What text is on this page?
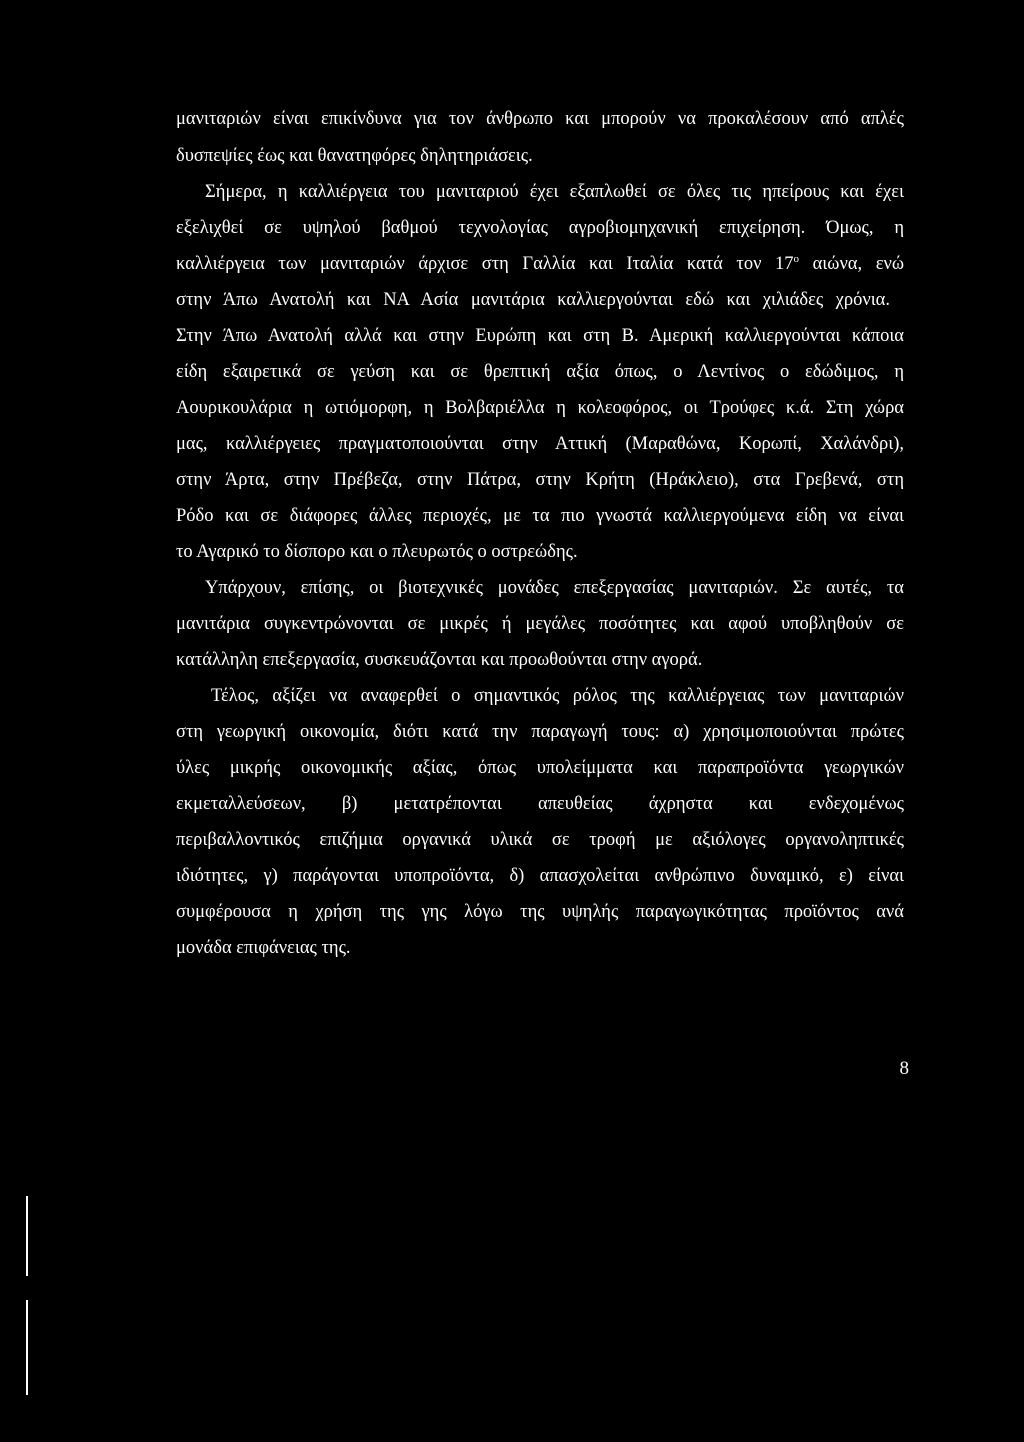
μανιταριών είναι επικίνδυνα για τον άνθρωπο και μπορούν να προκαλέσουν από απλές
δυσπεψίες έως και θανατηφόρες δηλητηριάσεις.
Σήμερα, η καλλιέργεια του μανιταριού έχει εξαπλωθεί σε όλες τις ηπείρους και έχει
εξελιχθεί σε υψηλού βαθμού τεχνολογίας αγροβιομηχανική επιχείρηση. Όμως, η
καλλιέργεια των μανιταριών άρχισε στη Γαλλία και Ιταλία κατά τον $17^o$ αιώνα, ενώ
στην Άπω Ανατολή και ΝΑ Ασία μανιτάρια καλλιεργούνται εδώ και χιλιάδες χρόνια.
Στην Άπω Ανατολή αλλά και στην Ευρώπη και στη Β. Αμερική καλλιεργούνται κάποια
είδη εξαιρετικά σε γεύση και σε θρεπτική αξία όπως, ο Λεντίνος ο εδώδιμος, η
Αουρικουλάρια η ωτιόμορφη, η Βολβαριέλλα η κολεοφόρος, οι Τρούφες κ.ά. Στη χώρα
μας, καλλιέργειες πραγματοποιούνται στην Αττική (Μαραθώνα, Κορωπί, Χαλάνδρι),
στην Άρτα, στην Πρέβεζα, στην Πάτρα, στην Κρήτη (Ηράκλειο), στα Γρεβενά, στη
Ρόδο και σε διάφορες άλλες περιοχές, με τα πιο γνωστά καλλιεργούμενα είδη να είναι
το Αγαρικό το δίσπορο και ο πλευρωτός ο οστρεώδης.
Υπάρχουν, επίσης, οι βιοτεχνικές μονάδες επεξεργασίας μανιταριών. Σε αυτές, τα
μανιτάρια συγκεντρώνονται σε μικρές ή μεγάλες ποσότητες και αφού υποβληθούν σε
κατάλληλη επεξεργασία, συσκευάζονται και προωθούνται στην αγορά.
Τέλος, αξίζει να αναφερθεί ο σημαντικός ρόλος της καλλιέργειας των μανιταριών
στη γεωργική οικονομία, διότι κατά την παραγωγή τους: α) χρησιμοποιούνται πρώτες
ύλες μικρής οικονομικής αξίας, όπως υπολείμματα και παραπροϊόντα γεωργικών
εκμεταλλεύσεων, β) μετατρέπονται απευθείας άχρηστα και ενδεχομένως
περιβαλλοντικός επιζήμια οργανικά υλικά σε τροφή με αξιόλογες οργανοληπτικές
ιδιότητες, γ) παράγονται υποπροϊόντα, δ) απασχολείται ανθρώπινο δυναμικό, ε) είναι
συμφέρουσα η χρήση της γης λόγω της υψηλής παραγωγικότητας προϊόντος ανά
μονάδα επιφάνειας της.
8
